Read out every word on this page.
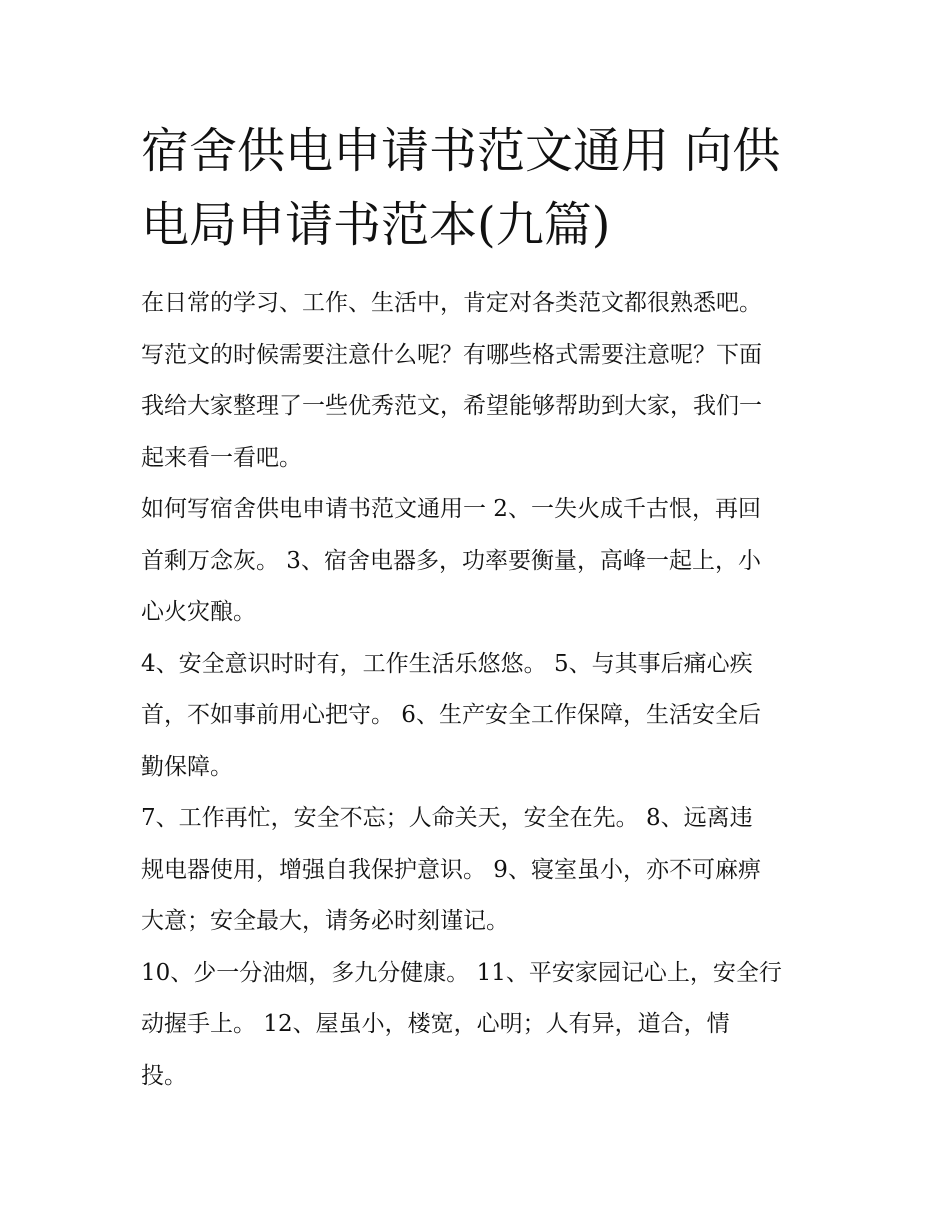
宿舍供电申请书范文通用 向供
电局申请书范本(九篇)

在日常的学习、工作、生活中，肯定对各类范文都很熟悉吧。
写范文的时候需要注意什么呢？有哪些格式需要注意呢？下面
我给大家整理了一些优秀范文，希望能够帮助到大家，我们一
起来看一看吧。

如何写宿舍供电申请书范文通用一 2、一失火成千古恨，再回
首剩万念灰。 3、宿舍电器多，功率要衡量，高峰一起上，小
心火灾酿。

4、安全意识时时有，工作生活乐悠悠。 5、与其事后痛心疾
首，不如事前用心把守。 6、生产安全工作保障，生活安全后
勤保障。

7、工作再忙，安全不忘；人命关天，安全在先。 8、远离违
规电器使用，增强自我保护意识。 9、寝室虽小，亦不可麻痹
大意；安全最大，请务必时刻谨记。

10、少一分油烟，多九分健康。 11、平安家园记心上，安全行
动握手上。 12、屋虽小，楼宽，心明；人有异，道合，情
投。
